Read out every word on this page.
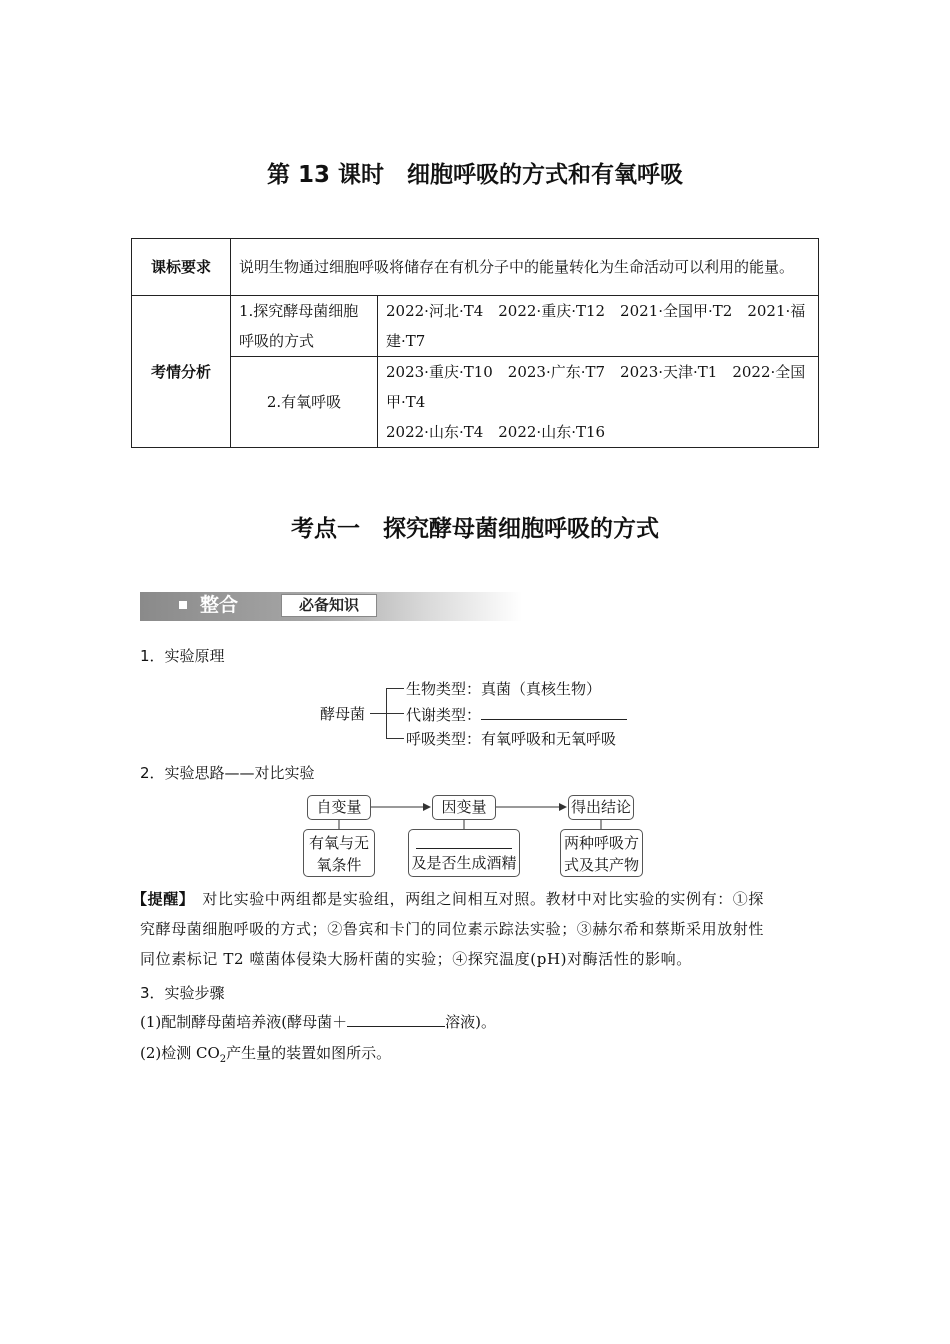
第 13 课时　细胞呼吸的方式和有氧呼吸
课标要求	说明生物通过细胞呼吸将储存在有机分子中的能量转化为生命活动可以利用的能量。	
考情分析	1.探究酵母菌细胞呼吸的方式	2022·河北·T4　2022·重庆·T12　2021·全国甲·T2　2021·福建·T7
	2.有氧呼吸	2023·重庆·T10　2023·广东·T7　2023·天津·T1　2022·全国甲·T4
2022·山东·T4　2022·山东·T16
考点一　探究酵母菌细胞呼吸的方式
整合	必备知识
1．实验原理
酵母菌
生物类型：真菌（真核生物）
代谢类型：
呼吸类型：有氧呼吸和无氧呼吸
2．实验思路——对比实验
自变量	因变量	得出结论
有氧与无
氧条件	及是否生成酒精
两种呼吸方
式及其产物
【提醒】 对比实验中两组都是实验组，两组之间相互对照。教材中对比实验的实例有：①探
究酵母菌细胞呼吸的方式；②鲁宾和卡门的同位素示踪法实验；③赫尔希和蔡斯采用放射性
同位素标记 T2 噬菌体侵染大肠杆菌的实验；④探究温度(pH)对酶活性的影响。
3．实验步骤
(1)配制酵母菌培养液(酵母菌＋	溶液)。
(2)检测 $CO_2$产生量的装置如图所示。
